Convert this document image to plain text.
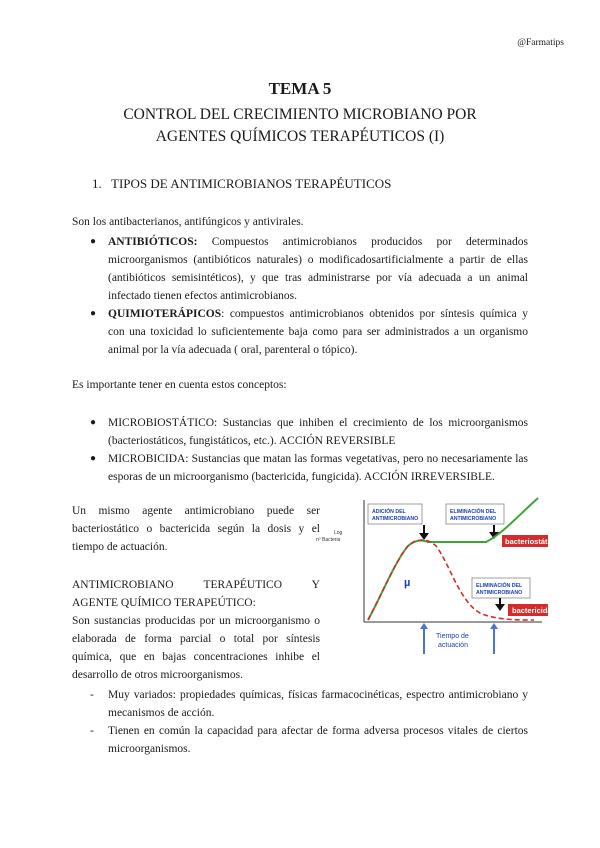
@Farmatips
TEMA 5
CONTROL DEL CRECIMIENTO MICROBIANO POR
AGENTES QUÍMICOS TERAPÉUTICOS (I)
1. TIPOS DE ANTIMICROBIANOS TERAPÉUTICOS
Son los antibacterianos, antifúngicos y antivirales.
● ANTIBIÓTICOS: Compuestos antimicrobianos producidos por determinados microorganismos (antibióticos naturales) o modificadosartificialmente a partir de ellas (antibióticos semisintéticos), y que tras administrarse por vía adecuada a un animal infectado tienen efectos antimicrobianos.
● QUIMIOTERÁPICOS: compuestos antimicrobianos obtenidos por síntesis química y con una toxicidad lo suficientemente baja como para ser administrados a un organismo animal por la vía adecuada ( oral, parenteral o tópico).
Es importante tener en cuenta estos conceptos:
● MICROBIOSTÁTICO: Sustancias que inhiben el crecimiento de los microorganismos (bacteriostáticos, fungistáticos, etc.). ACCIÓN REVERSIBLE
● MICROBICIDA: Sustancias que matan las formas vegetativas, pero no necesariamente las esporas de un microorganismo (bactericida, fungicida). ACCIÓN IRREVERSIBLE.
Un mismo agente antimicrobiano puede ser bacteriostático o bactericida según la dosis y el tiempo de actuación.
ANTIMICROBIANO TERAPÉUTICO Y
AGENTE QUÍMICO TERAPEÚTICO:
Son sustancias producidas por un microorganismo o elaborada de forma parcial o total por síntesis química, que en bajas concentraciones inhibe el desarrollo de otros microorganismos.
- Muy variados: propiedades químicas, físicas farmacocinéticas, espectro antimicrobiano y mecanismos de acción.
- Tienen en común la capacidad para afectar de forma adversa procesos vitales de ciertos microorganismos.
Log
nº Bacteria
ADICIÓN DEL
ANTIMICROBIANO
ELIMINACIÓN DEL
ANTIMICROBIANO
ELIMINACIÓN DEL
ANTIMICROBIANO
µ
bacteriostático
bactericida
Tiempo de
actuación
